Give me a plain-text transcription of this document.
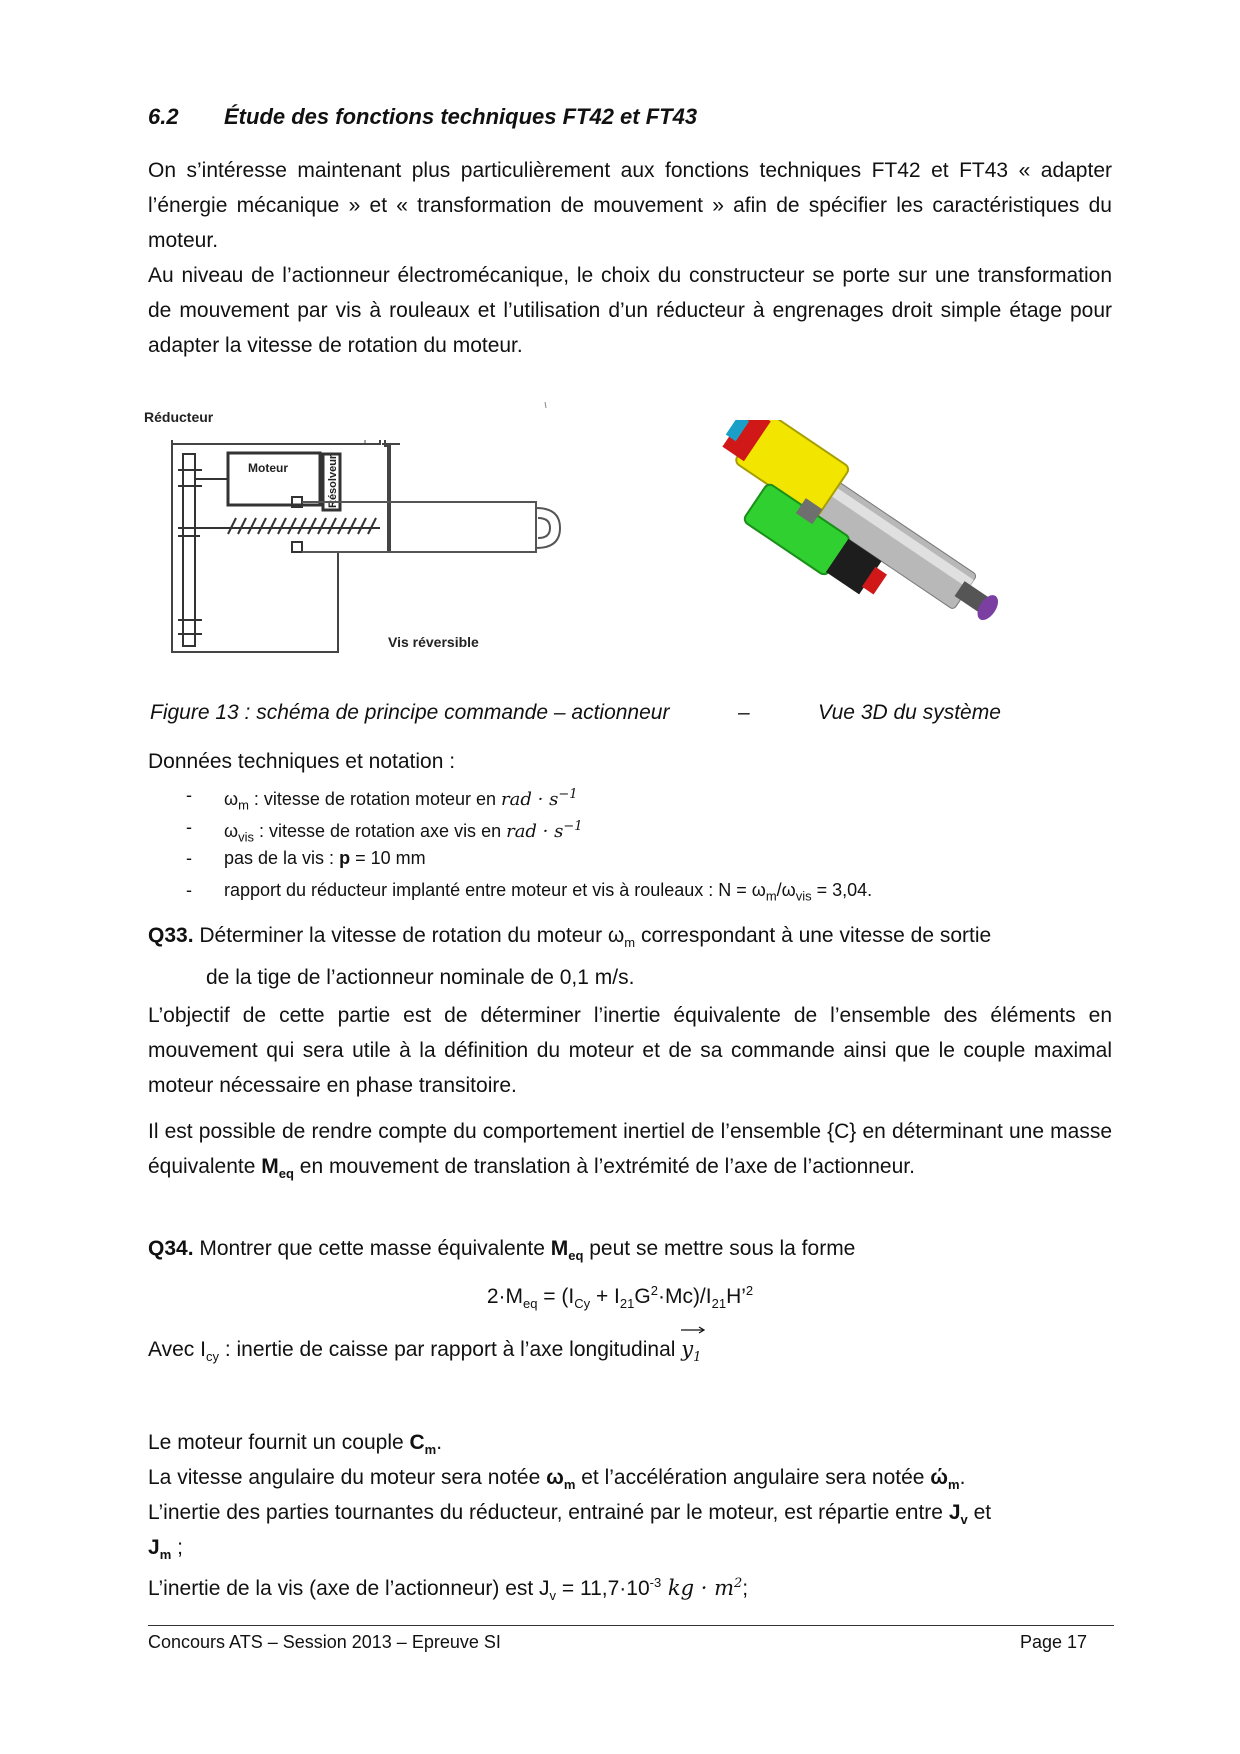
6.2 Étude des fonctions techniques FT42 et FT43
On s’intéresse maintenant plus particulièrement aux fonctions techniques FT42 et FT43 « adapter l’énergie mécanique » et « transformation de mouvement » afin de spécifier les caractéristiques du moteur.
Au niveau de l’actionneur électromécanique, le choix du constructeur se porte sur une transformation de mouvement par vis à rouleaux et l’utilisation d’un réducteur à engrenages droit simple étage pour adapter la vitesse de rotation du moteur.
Réducteur
Moteur	Résolveur
Vis réversible
Figure 13 : schéma de principe commande – actionneur	–	Vue 3D du système
Données techniques et notation :
- $\omega_m$ : vitesse de rotation moteur en rad · $s^{-1}$
- $\omega_{vis}$ : vitesse de rotation axe vis en rad · $s^{-1}$
- pas de la vis : p = 10 mm
- rapport du réducteur implanté entre moteur et vis à rouleaux : $N = \omega_m/\omega_{vis} = 3,04$.
Q33. Déterminer la vitesse de rotation du moteur $\omega_m$ correspondant à une vitesse de sortie
de la tige de l’actionneur nominale de 0,1 m/s.
L’objectif de cette partie est de déterminer l’inertie équivalente de l’ensemble des éléments en mouvement qui sera utile à la définition du moteur et de sa commande ainsi que le couple maximal moteur nécessaire en phase transitoire.
Il est possible de rendre compte du comportement inertiel de l’ensemble {C} en déterminant une masse équivalente $M_{eq}$ en mouvement de translation à l’extrémité de l’axe de l’actionneur.
Q34. Montrer que cette masse équivalente $M_{eq}$ peut se mettre sous la forme
$2\cdot M_{eq} = (I_{Cy}$ + $I_{21}G^2\cdot Mc)/I_{21}H’^2$
Avec $I_{cy}$ : inertie de caisse par rapport à l’axe longitudinal
$y_1$
Le moteur fournit un couple $C_m$.
La vitesse angulaire du moteur sera notée $\omega_m$ et l’accélération angulaire sera notée $ώ_m$.
L’inertie des parties tournantes du réducteur, entrainé par le moteur, est répartie entre $J_v$ et
$J_m$ ;
L’inertie de la vis (axe de l’actionneur) est $J_v = 11,7\cdot 10^{-3}$ kg · $m^2$;
Concours ATS – Session 2013 – Epreuve SI	Page 17
